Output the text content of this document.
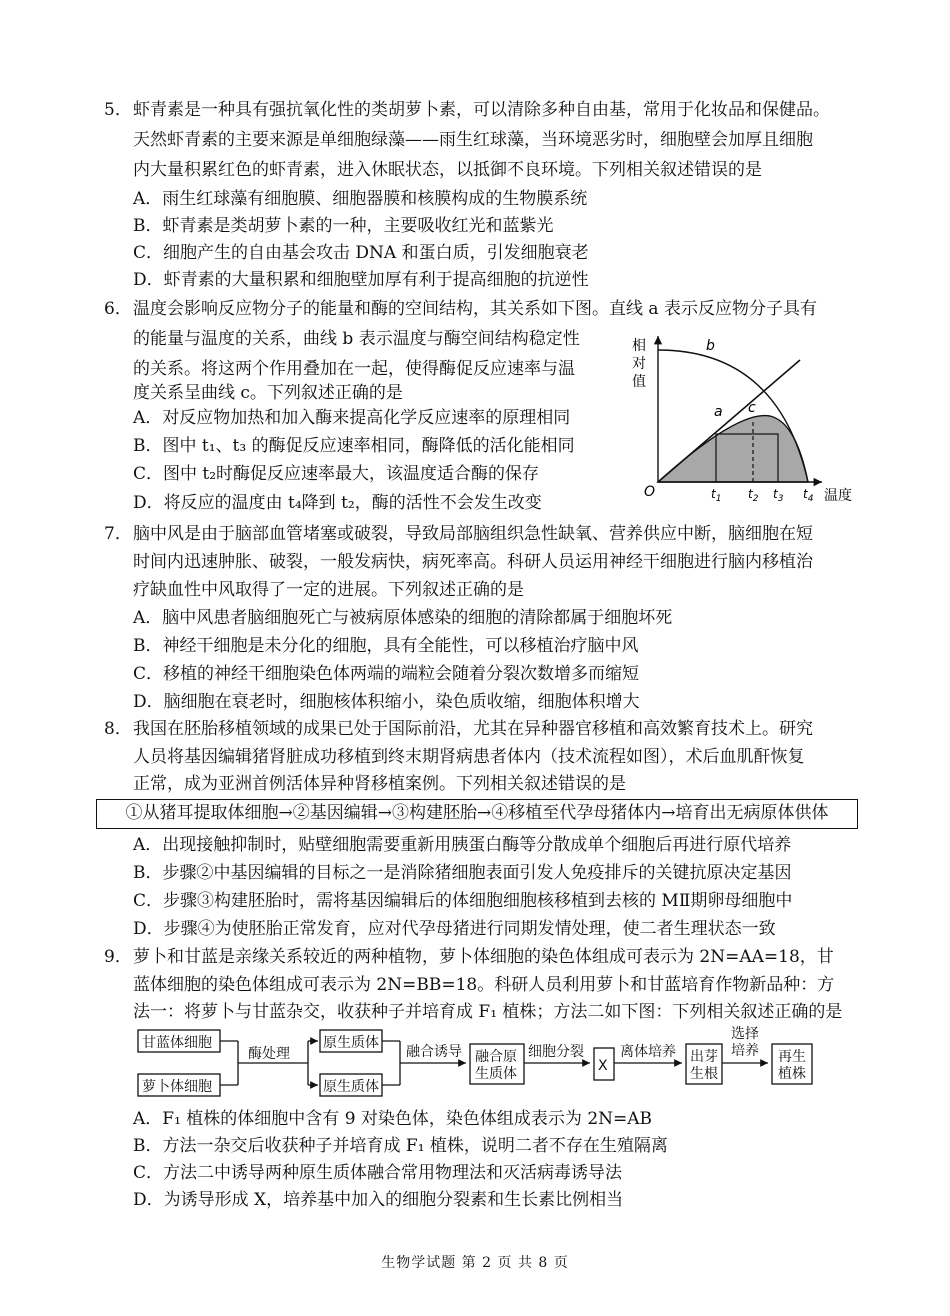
5． 虾青素是一种具有强抗氧化性的类胡萝卜素，可以清除多种自由基，常用于化妆品和保健品。
天然虾青素的主要来源是单细胞绿藻——雨生红球藻，当环境恶劣时，细胞壁会加厚且细胞
内大量积累红色的虾青素，进入休眠状态，以抵御不良环境。下列相关叙述错误的是
A．雨生红球藻有细胞膜、细胞器膜和核膜构成的生物膜系统
B．虾青素是类胡萝卜素的一种，主要吸收红光和蓝紫光
C．细胞产生的自由基会攻击 DNA 和蛋白质，引发细胞衰老
D．虾青素的大量积累和细胞壁加厚有利于提高细胞的抗逆性
6． 温度会影响反应物分子的能量和酶的空间结构，其关系如下图。直线 a 表示反应物分子具有
的能量与温度的关系，曲线 b 表示温度与酶空间结构稳定性
的关系。将这两个作用叠加在一起，使得酶促反应速率与温
度关系呈曲线 c。下列叙述正确的是
A．对反应物加热和加入酶来提高化学反应速率的原理相同
B．图中 t₁、t₃ 的酶促反应速率相同，酶降低的活化能相同
C．图中 t₂时酶促反应速率最大，该温度适合酶的保存
D．将反应的温度由 t₄降到 t₂，酶的活性不会发生改变
相
对
值
b
a c
O	$t_1$ $t_2$ $t_3$ $t_4$ 温度
7． 脑中风是由于脑部血管堵塞或破裂，导致局部脑组织急性缺氧、营养供应中断，脑细胞在短
时间内迅速肿胀、破裂，一般发病快，病死率高。科研人员运用神经干细胞进行脑内移植治
疗缺血性中风取得了一定的进展。下列叙述正确的是
A．脑中风患者脑细胞死亡与被病原体感染的细胞的清除都属于细胞坏死
B．神经干细胞是未分化的细胞，具有全能性，可以移植治疗脑中风
C．移植的神经干细胞染色体两端的端粒会随着分裂次数增多而缩短
D．脑细胞在衰老时，细胞核体积缩小，染色质收缩，细胞体积增大
8． 我国在胚胎移植领域的成果已处于国际前沿，尤其在异种器官移植和高效繁育技术上。研究
人员将基因编辑猪肾脏成功移植到终末期肾病患者体内（技术流程如图），术后血肌酐恢复
正常，成为亚洲首例活体异种肾移植案例。下列相关叙述错误的是
①从猪耳提取体细胞→②基因编辑→③构建胚胎→④移植至代孕母猪体内→培育出无病原体供体
A．出现接触抑制时，贴壁细胞需要重新用胰蛋白酶等分散成单个细胞后再进行原代培养
B．步骤②中基因编辑的目标之一是消除猪细胞表面引发人免疫排斥的关键抗原决定基因
C．步骤③构建胚胎时，需将基因编辑后的体细胞细胞核移植到去核的 MⅡ期卵母细胞中
D．步骤④为使胚胎正常发育，应对代孕母猪进行同期发情处理，使二者生理状态一致
9． 萝卜和甘蓝是亲缘关系较近的两种植物，萝卜体细胞的染色体组成可表示为 2N=AA=18，甘
蓝体细胞的染色体组成可表示为 2N=BB=18。科研人员利用萝卜和甘蓝培育作物新品种：方
法一：将萝卜与甘蓝杂交，收获种子并培育成 F₁ 植株；方法二如下图：下列相关叙述正确的是
甘蓝体细胞
萝卜体细胞
酶处理
原生质体
原生质体
融合诱导 融合原
生质体
细胞分裂
X
离体培养 出芽
生根
选择
培养 再生
植株
A．F₁ 植株的体细胞中含有 9 对染色体，染色体组成表示为 2N=AB
B．方法一杂交后收获种子并培育成 F₁ 植株，说明二者不存在生殖隔离
C．方法二中诱导两种原生质体融合常用物理法和灭活病毒诱导法
D．为诱导形成 X，培养基中加入的细胞分裂素和生长素比例相当
生物学试题 第 2 页 共 8 页
